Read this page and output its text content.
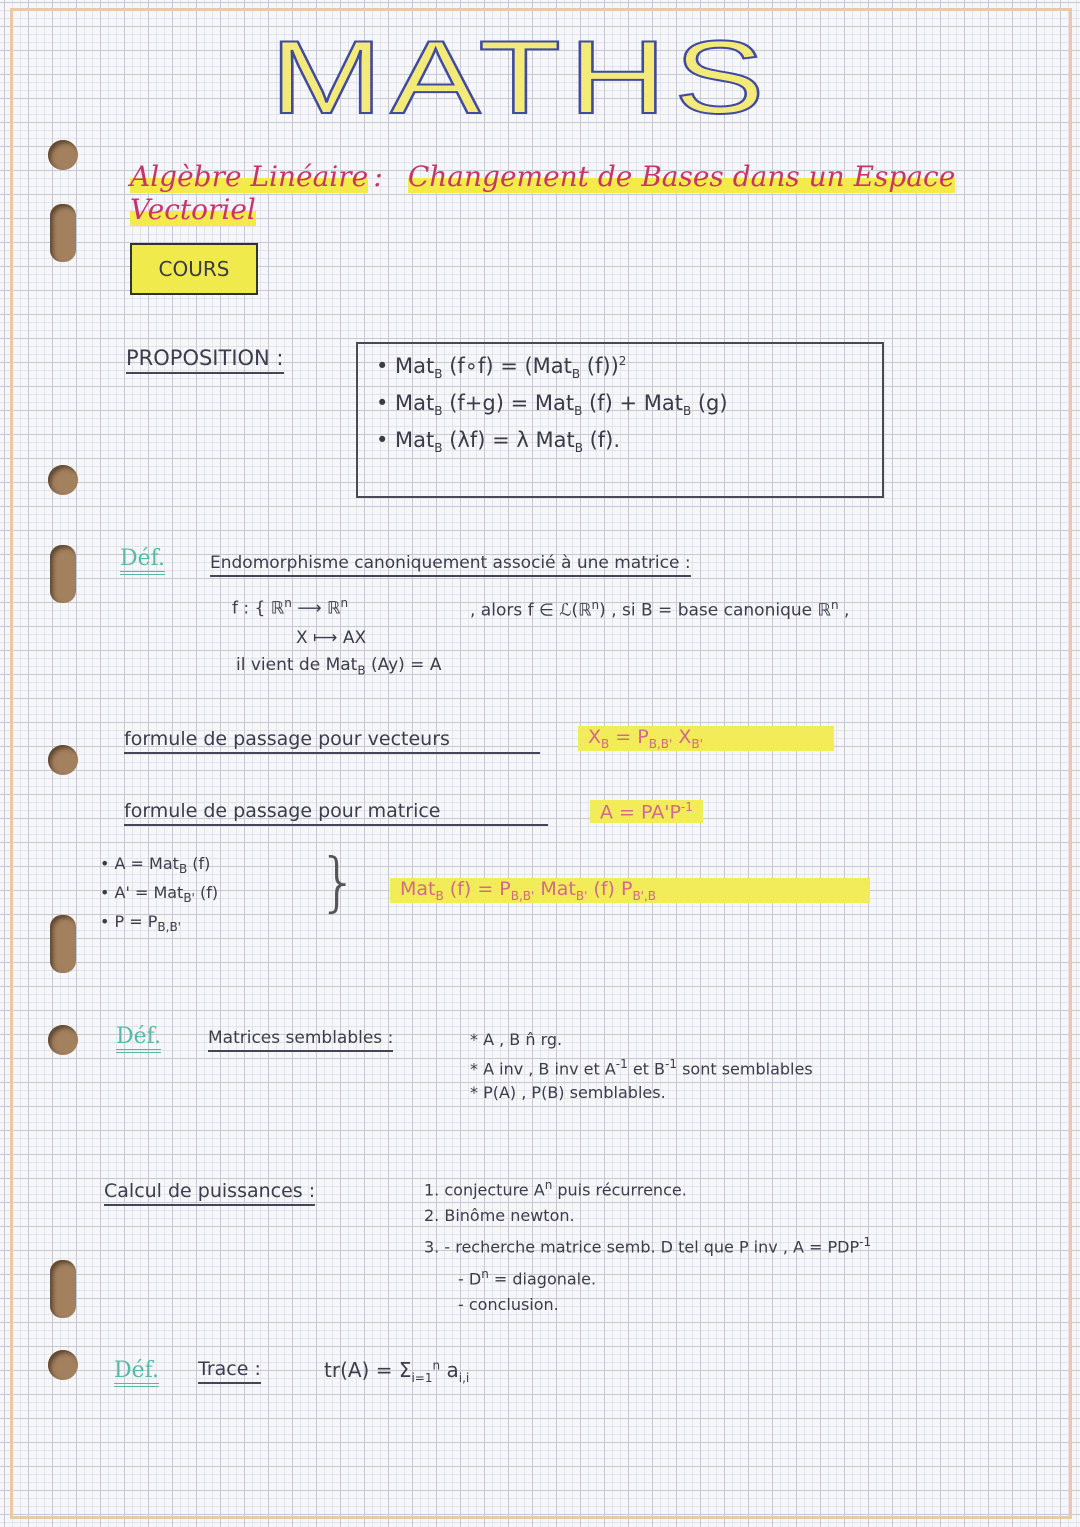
MATHS
Algèbre Linéaire : Changement de Bases dans un Espace Vectoriel
COURS
PROPOSITION :	• Mat$_B$ (f∘f) = (Mat$_B$ (f))$^2$
• Mat$_B$ (f+g) = Mat$_B$ (f) + Mat$_B$ (g)
• Mat$_B$ (λf) = λ Mat$_B$ (f).
Déf.	Endomorphisme canoniquement associé à une matrice :
f : { ℝ$^n$ ⟶ ℝ$^n$
X ⟼ AX
, alors f ∈ ℒ(ℝ$^n$) , si B = base canonique ℝ$^n$ ,
il vient de Mat$_B$ (Ay) = A
formule de passage pour vecteurs	$X_B = P_{B,B'}$ $X_{B'}$
formule de passage pour matrice	$A = PA'P^{-1}$
• A = Mat$_B$ (f)
• A' = Mat$_{B'}$ (f)
• $P = P_{B,B'}$
}	Mat$_B$ $(f) = P_{B,B'}$ Mat$_{B'}$ (f) $P_{B',B}$
Déf.	Matrices semblables :	* A , B n̂ rg.
* A inv , B inv et $A^{-1}$ et $B^{-1}$ sont semblables
* P(A) , P(B) semblables.
Calcul de puissances :	1. conjecture $A^n$ puis récurrence.
2. Binôme newton.
3. - recherche matrice semb. D tel que P inv , $A = PDP^{-1}$
- $D^n$ = diagonale.
- conclusion.
Déf. Trace :	$tr(A) = \Sigma_{i=1}^n$ $a_{i,i}$
